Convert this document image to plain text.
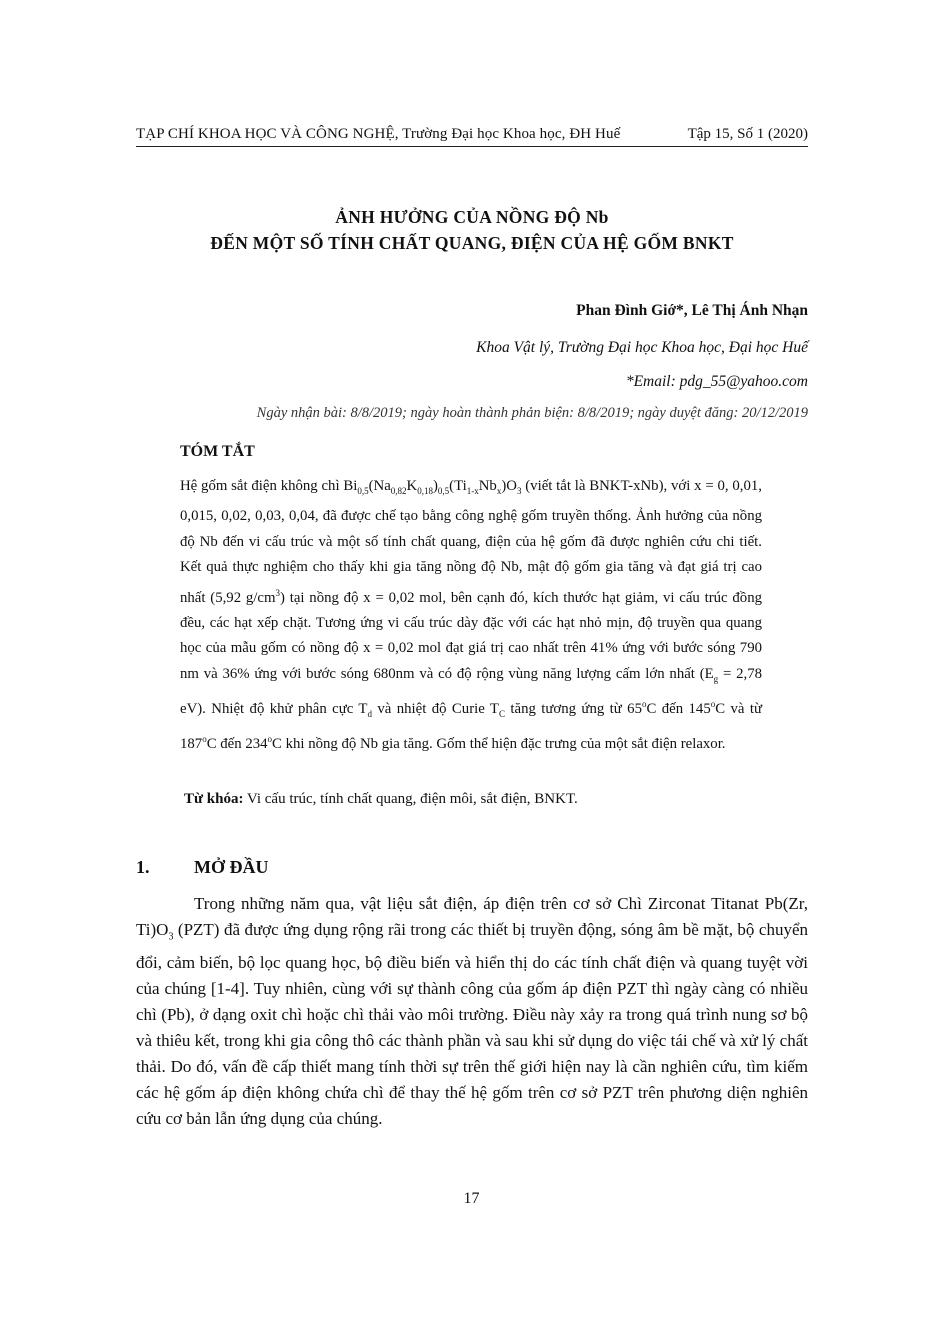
TẠP CHÍ KHOA HỌC VÀ CÔNG NGHỆ, Trường Đại học Khoa học, ĐH Huế	Tập 15, Số 1 (2020)
ẢNH HƯỞNG CỦA NỒNG ĐỘ Nb
ĐẾN MỘT SỐ TÍNH CHẤT QUANG, ĐIỆN CỦA HỆ GỐM BNKT
Phan Đình Giớ*, Lê Thị Ánh Nhạn
Khoa Vật lý, Trường Đại học Khoa học, Đại học Huế
*Email: pdg_55@yahoo.com
Ngày nhận bài: 8/8/2019; ngày hoàn thành phản biện: 8/8/2019; ngày duyệt đăng: 20/12/2019
TÓM TẮT
Hệ gốm sắt điện không chì $Bi_{0,5}(Na_{0,82}K_{0,18})_{0,5}(Ti_{1-x}Nb_x)O_3$ (viết tắt là BNKT-xNb), với x = 0, 0,01, 0,015, 0,02, 0,03, 0,04, đã được chế tạo bằng công nghệ gốm truyền thống. Ảnh hưởng của nồng độ Nb đến vi cấu trúc và một số tính chất quang, điện của hệ gốm đã được nghiên cứu chi tiết. Kết quả thực nghiệm cho thấy khi gia tăng nồng độ Nb, mật độ gốm gia tăng và đạt giá trị cao nhất (5,92 $g/cm^3$) tại nồng độ x = 0,02 mol, bên cạnh đó, kích thước hạt giảm, vi cấu trúc đồng đều, các hạt xếp chặt. Tương ứng vi cấu trúc dày đặc với các hạt nhỏ mịn, độ truyền qua quang học của mẫu gốm có nồng độ x = 0,02 mol đạt giá trị cao nhất trên 41% ứng với bước sóng 790 nm và 36% ứng với bước sóng 680nm và có độ rộng vùng năng lượng cấm lớn nhất ($E_g = 2,78$ eV). Nhiệt độ khử phân cực $T_d$ và nhiệt độ Curie $T_C$ tăng tương ứng từ 65$^o$C đến 145$^o$C và từ 187$^o$C đến 234$^o$C khi nồng độ Nb gia tăng. Gốm thể hiện đặc trưng của một sắt điện relaxor.
Từ khóa: Vi cấu trúc, tính chất quang, điện môi, sắt điện, BNKT.
1. MỞ ĐẦU
Trong những năm qua, vật liệu sắt điện, áp điện trên cơ sở Chì Zirconat Titanat Pb(Zr, $Ti)O_3$ (PZT) đã được ứng dụng rộng rãi trong các thiết bị truyền động, sóng âm bề mặt, bộ chuyển đổi, cảm biến, bộ lọc quang học, bộ điều biến và hiển thị do các tính chất điện và quang tuyệt vời của chúng [1-4]. Tuy nhiên, cùng với sự thành công của gốm áp điện PZT thì ngày càng có nhiều chì (Pb), ở dạng oxit chì hoặc chì thải vào môi trường. Điều này xảy ra trong quá trình nung sơ bộ và thiêu kết, trong khi gia công thô các thành phần và sau khi sử dụng do việc tái chế và xử lý chất thải. Do đó, vấn đề cấp thiết mang tính thời sự trên thế giới hiện nay là cần nghiên cứu, tìm kiếm các hệ gốm áp điện không chứa chì để thay thế hệ gốm trên cơ sở PZT trên phương diện nghiên cứu cơ bản lẫn ứng dụng của chúng.
17
